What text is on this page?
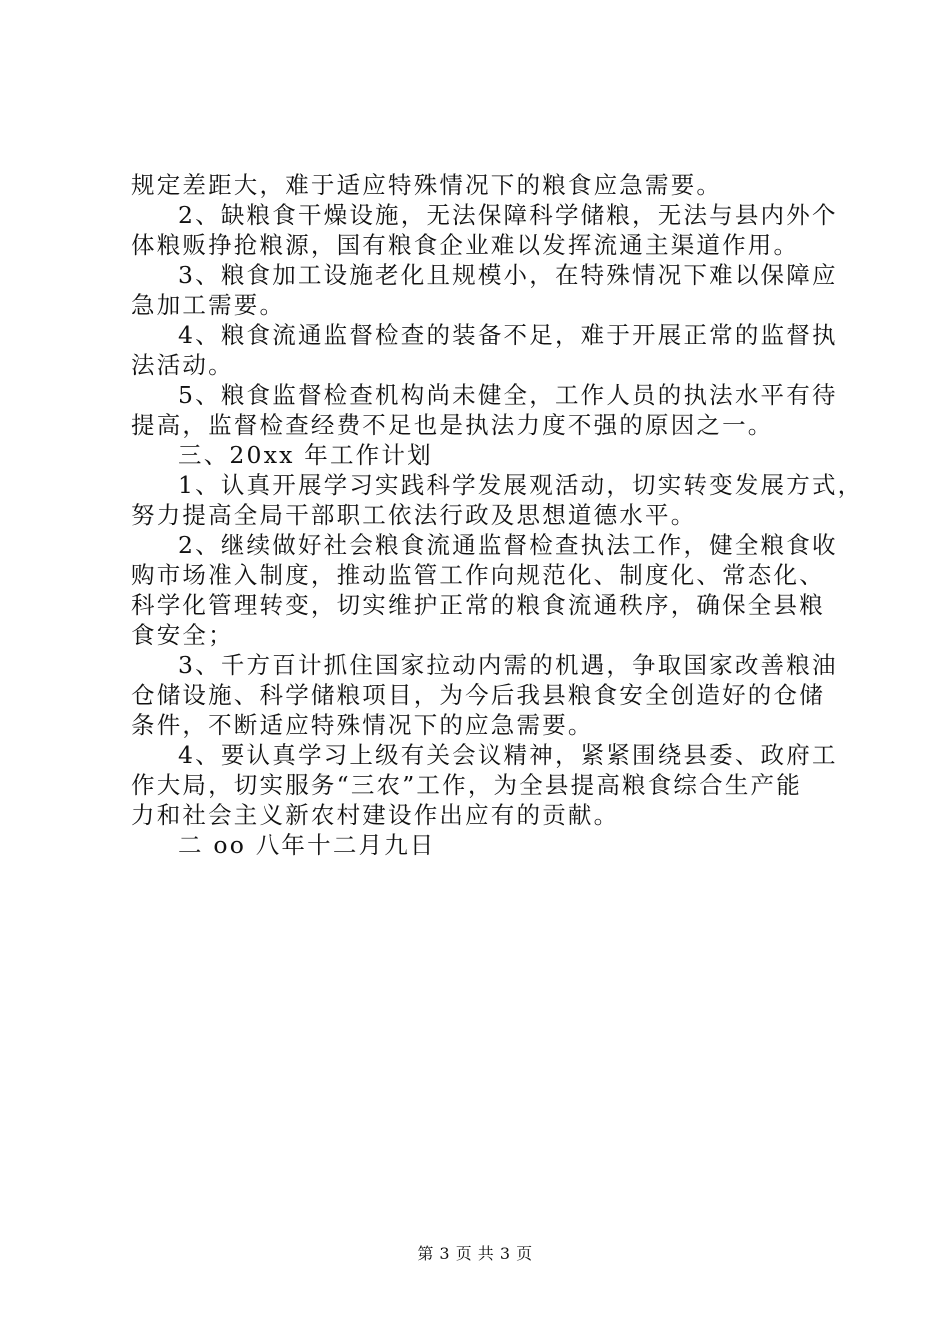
规定差距大，难于适应特殊情况下的粮食应急需要。
2、缺粮食干燥设施，无法保障科学储粮，无法与县内外个
体粮贩挣抢粮源，国有粮食企业难以发挥流通主渠道作用。
3、粮食加工设施老化且规模小，在特殊情况下难以保障应
急加工需要。
4、粮食流通监督检查的装备不足，难于开展正常的监督执
法活动。
5、粮食监督检查机构尚未健全，工作人员的执法水平有待
提高，监督检查经费不足也是执法力度不强的原因之一。
三、20xx 年工作计划
1、认真开展学习实践科学发展观活动，切实转变发展方式，
努力提高全局干部职工依法行政及思想道德水平。
2、继续做好社会粮食流通监督检查执法工作，健全粮食收
购市场准入制度，推动监管工作向规范化、制度化、常态化、
科学化管理转变，切实维护正常的粮食流通秩序，确保全县粮
食安全；
3、千方百计抓住国家拉动内需的机遇，争取国家改善粮油
仓储设施、科学储粮项目，为今后我县粮食安全创造好的仓储
条件，不断适应特殊情况下的应急需要。
4、要认真学习上级有关会议精神，紧紧围绕县委、政府工
作大局，切实服务“三农”工作，为全县提高粮食综合生产能
力和社会主义新农村建设作出应有的贡献。
二 oo 八年十二月九日
第 3 页 共 3 页
